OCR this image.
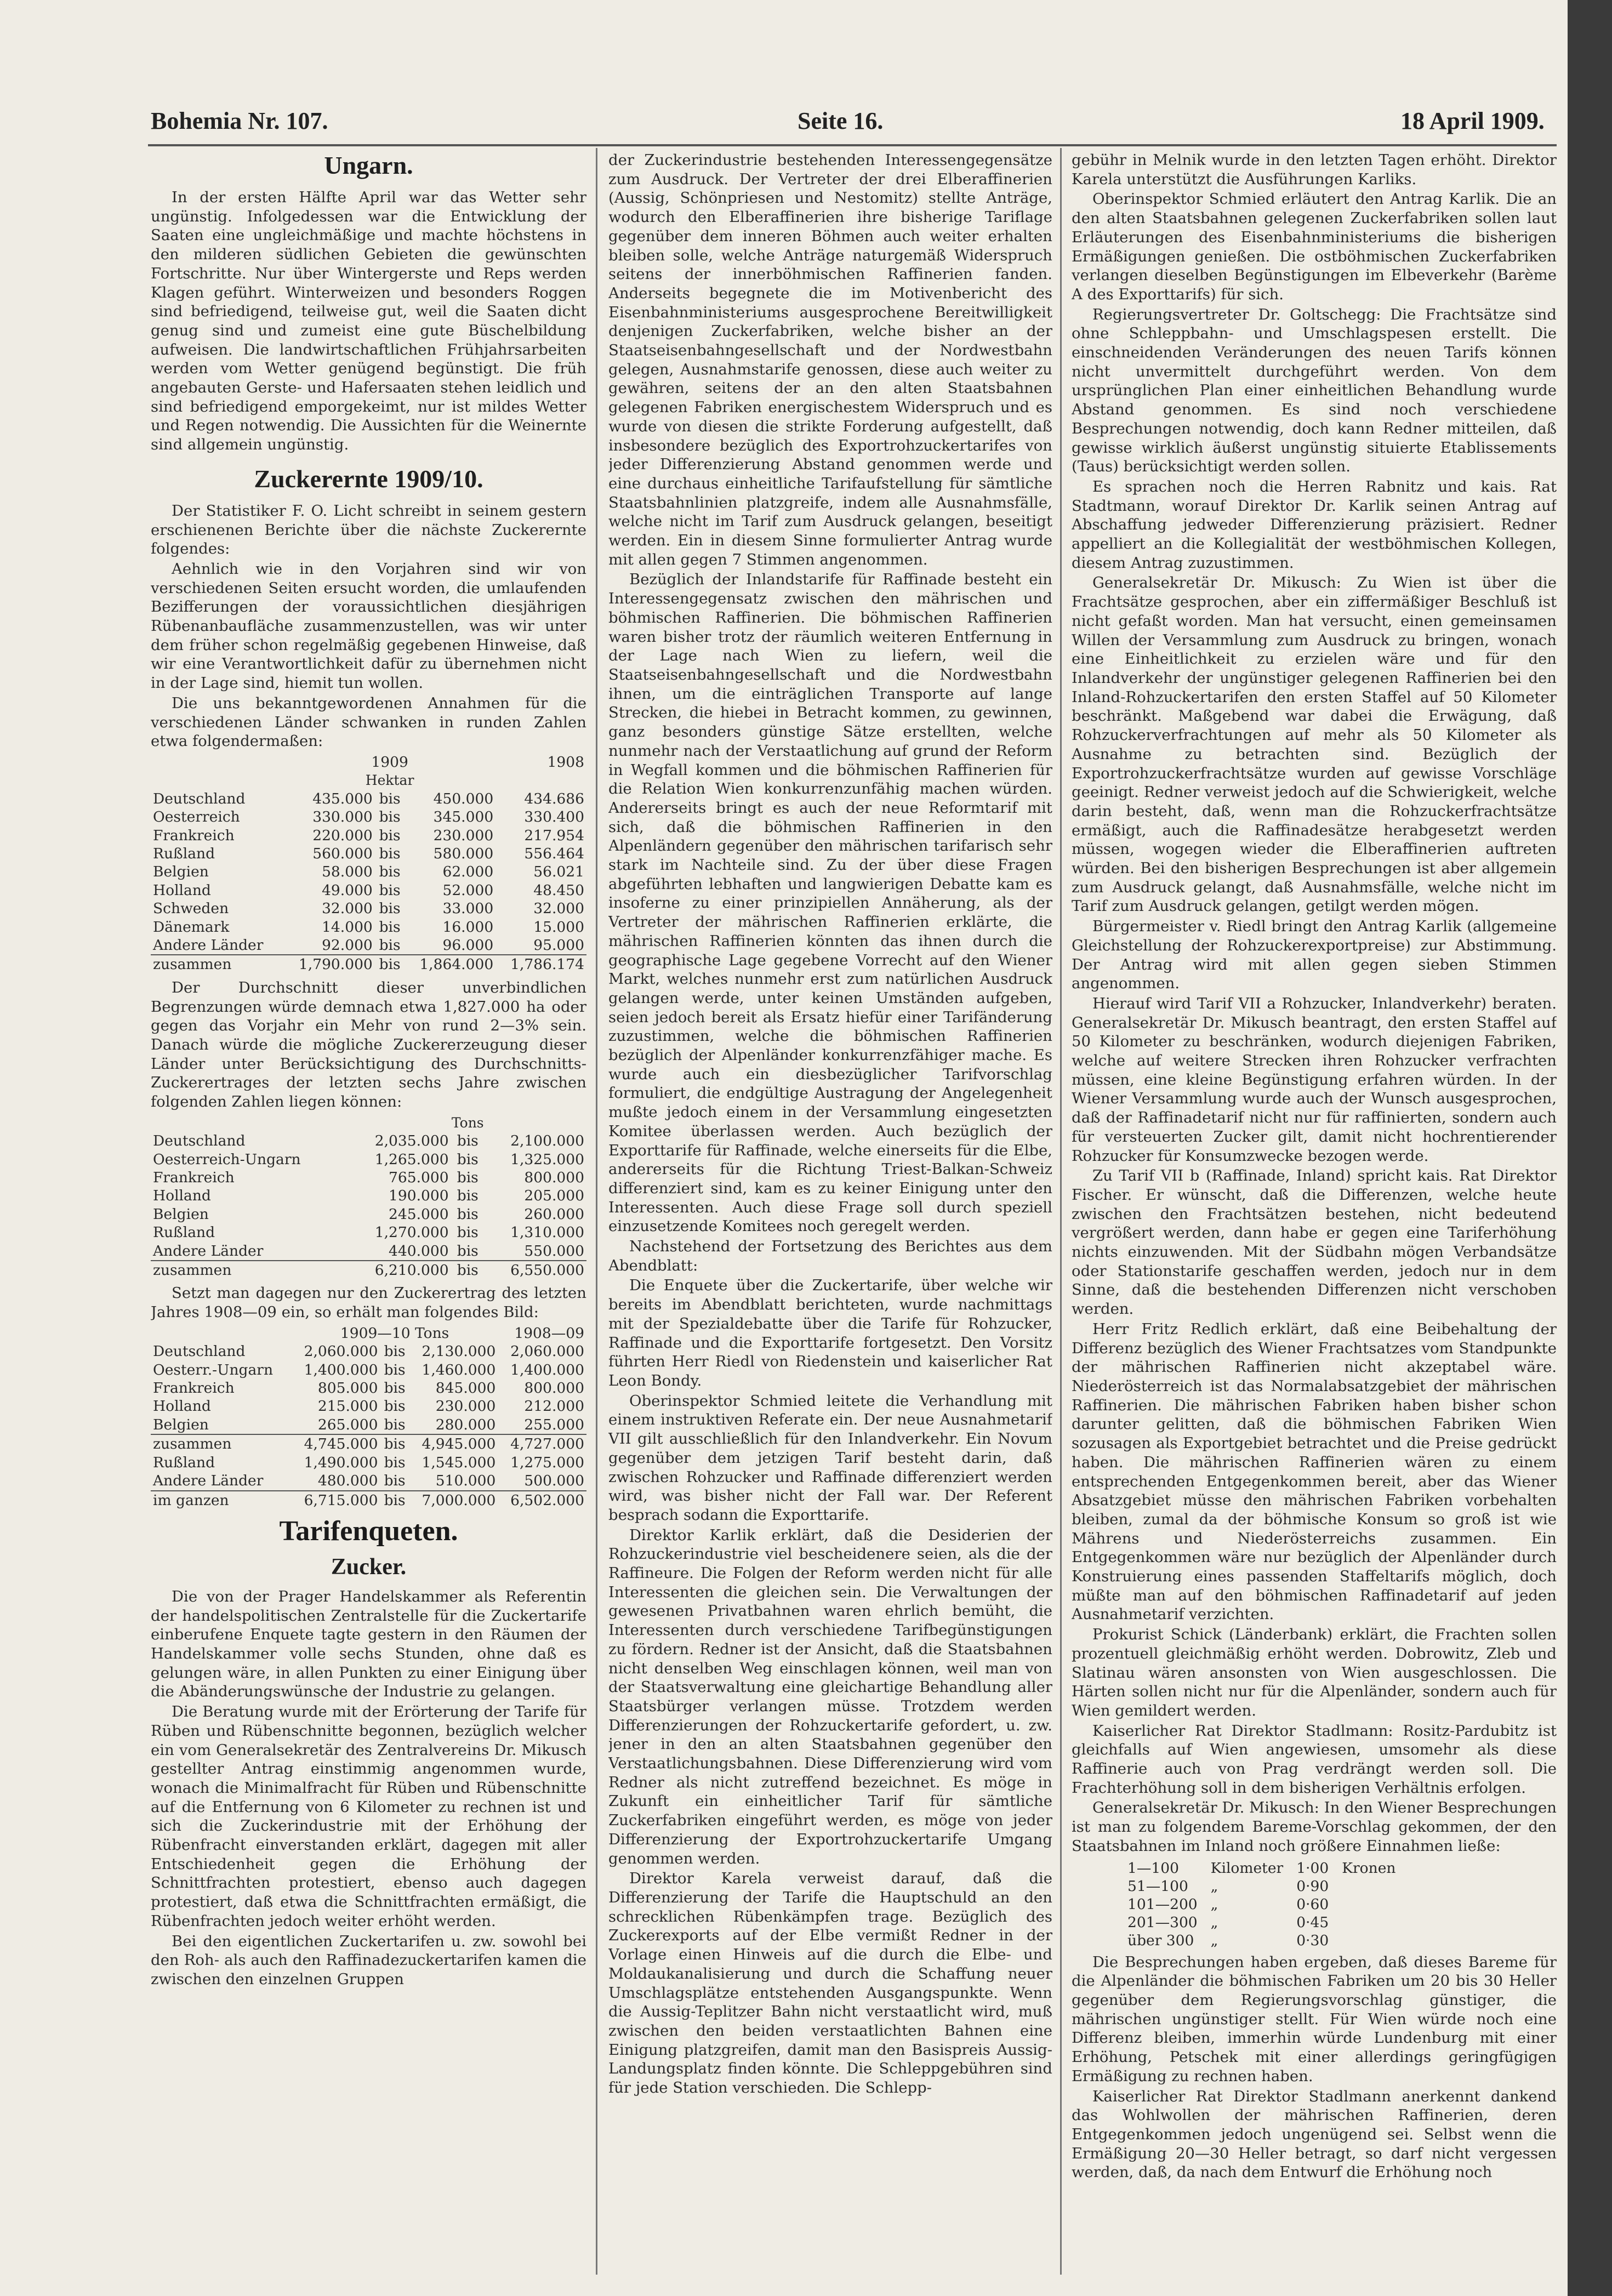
Bohemia Nr. 107.	Seite 16.	18 April 1909.
Ungarn.

In der ersten Hälfte April war das Wetter sehr ungünstig. Infolgedessen war die Entwicklung der Saaten eine ungleichmäßige und machte höchstens in den milderen südlichen Gebieten die gewünschten Fortschritte. Nur über Wintergerste und Reps werden Klagen geführt. Winterweizen und besonders Roggen sind befriedigend, teilweise gut, weil die Saaten dicht genug sind und zumeist eine gute Büschelbildung aufweisen. Die landwirtschaftlichen Frühjahrsarbeiten werden vom Wetter genügend begünstigt. Die früh angebauten Gerste- und Hafersaaten stehen leidlich und sind befriedigend emporgekeimt, nur ist mildes Wetter und Regen notwendig. Die Aussichten für die Weinernte sind allgemein ungünstig.

Zuckerernte 1909/10.

Der Statistiker F. O. Licht schreibt in seinem gestern erschienenen Berichte über die nächste Zuckerernte folgendes:

Aehnlich wie in den Vorjahren sind wir von verschiedenen Seiten ersucht worden, die umlaufenden Bezifferungen der voraussichtlichen diesjährigen Rübenanbaufläche zusammenzustellen, was wir unter dem früher schon regelmäßig gegebenen Hinweise, daß wir eine Verantwortlichkeit dafür zu übernehmen nicht in der Lage sind, hiemit tun wollen.

Die uns bekanntgewordenen Annahmen für die verschiedenen Länder schwanken in runden Zahlen etwa folgendermaßen:

	1909			1908
	Hektar			
Deutschland	435.000	bis	450.000	434.686
Oesterreich	330.000	bis	345.000	330.400
Frankreich	220.000	bis	230.000	217.954
Rußland	560.000	bis	580.000	556.464
Belgien	58.000	bis	62.000	56.021
Holland	49.000	bis	52.000	48.450
Schweden	32.000	bis	33.000	32.000
Dänemark	14.000	bis	16.000	15.000
Andere Länder	92.000	bis	96.000	95.000
zusammen	1,790.000	bis	1,864.000	1,786.174

Der Durchschnitt dieser unverbindlichen Begrenzungen würde demnach etwa 1,827.000 ha oder gegen das Vorjahr ein Mehr von rund 2—3% sein. Danach würde die mögliche Zuckererzeugung dieser Länder unter Berücksichtigung des Durchschnitts-Zuckerertrages der letzten sechs Jahre zwischen folgenden Zahlen liegen können:

	Tons		
Deutschland	2,035.000	bis	2,100.000
Oesterreich-Ungarn	1,265.000	bis	1,325.000
Frankreich	765.000	bis	800.000
Holland	190.000	bis	205.000
Belgien	245.000	bis	260.000
Rußland	1,270.000	bis	1,310.000
Andere Länder	440.000	bis	550.000
zusammen	6,210.000	bis	6,550.000

Setzt man dagegen nur den Zuckerertrag des letzten Jahres 1908—09 ein, so erhält man folgendes Bild:

	1909—10 Tons			1908—09
Deutschland	2,060.000	bis	2,130.000	2,060.000
Oesterr.-Ungarn	1,400.000	bis	1,460.000	1,400.000
Frankreich	805.000	bis	845.000	800.000
Holland	215.000	bis	230.000	212.000
Belgien	265.000	bis	280.000	255.000
zusammen	4,745.000	bis	4,945.000	4,727.000
Rußland	1,490.000	bis	1,545.000	1,275.000
Andere Länder	480.000	bis	510.000	500.000
im ganzen	6,715.000	bis	7,000.000	6,502.000
Tarifenqueten.
Zucker.

Die von der Prager Handelskammer als Referentin der handelspolitischen Zentralstelle für die Zuckertarife einberufene Enquete tagte gestern in den Räumen der Handelskammer volle sechs Stunden, ohne daß es gelungen wäre, in allen Punkten zu einer Einigung über die Abänderungswünsche der Industrie zu gelangen.

Die Beratung wurde mit der Erörterung der Tarife für Rüben und Rübenschnitte begonnen, bezüglich welcher ein vom Generalsekretär des Zentralvereins Dr. Mikusch gestellter Antrag einstimmig angenommen wurde, wonach die Minimalfracht für Rüben und Rübenschnitte auf die Entfernung von 6 Kilometer zu rechnen ist und sich die Zuckerindustrie mit der Erhöhung der Rübenfracht einverstanden erklärt, dagegen mit aller Entschiedenheit gegen die Erhöhung der Schnittfrachten protestiert, ebenso auch dagegen protestiert, daß etwa die Schnittfrachten ermäßigt, die Rübenfrachten jedoch weiter erhöht werden.

Bei den eigentlichen Zuckertarifen u. zw. sowohl bei den Roh- als auch den Raffinadezuckertarifen kamen die zwischen den einzelnen Gruppen

der Zuckerindustrie bestehenden Interessengegensätze zum Ausdruck. Der Vertreter der drei Elberaffinerien (Aussig, Schönpriesen und Nestomitz) stellte Anträge, wodurch den Elberaffinerien ihre bisherige Tariflage gegenüber dem inneren Böhmen auch weiter erhalten bleiben solle, welche Anträge naturgemäß Widerspruch seitens der innerböhmischen Raffinerien fanden. Anderseits begegnete die im Motivenbericht des Eisenbahnministeriums ausgesprochene Bereitwilligkeit denjenigen Zuckerfabriken, welche bisher an der Staatseisenbahngesellschaft und der Nordwestbahn gelegen, Ausnahmstarife genossen, diese auch weiter zu gewähren, seitens der an den alten Staatsbahnen gelegenen Fabriken energischestem Widerspruch und es wurde von diesen die strikte Forderung aufgestellt, daß insbesondere bezüglich des Exportrohzuckertarifes von jeder Differenzierung Abstand genommen werde und eine durchaus einheitliche Tarifaufstellung für sämtliche Staatsbahnlinien platzgreife, indem alle Ausnahmsfälle, welche nicht im Tarif zum Ausdruck gelangen, beseitigt werden. Ein in diesem Sinne formulierter Antrag wurde mit allen gegen 7 Stimmen angenommen.

Bezüglich der Inlandstarife für Raffinade besteht ein Interessengegensatz zwischen den mährischen und böhmischen Raffinerien. Die böhmischen Raffinerien waren bisher trotz der räumlich weiteren Entfernung in der Lage nach Wien zu liefern, weil die Staatseisenbahngesellschaft und die Nordwestbahn ihnen, um die einträglichen Transporte auf lange Strecken, die hiebei in Betracht kommen, zu gewinnen, ganz besonders günstige Sätze erstellten, welche nunmehr nach der Verstaatlichung auf grund der Reform in Wegfall kommen und die böhmischen Raffinerien für die Relation Wien konkurrenzunfähig machen würden. Andererseits bringt es auch der neue Reformtarif mit sich, daß die böhmischen Raffinerien in den Alpenländern gegenüber den mährischen tarifarisch sehr stark im Nachteile sind. Zu der über diese Fragen abgeführten lebhaften und langwierigen Debatte kam es insoferne zu einer prinzipiellen Annäherung, als der Vertreter der mährischen Raffinerien erklärte, die mährischen Raffinerien könnten das ihnen durch die geographische Lage gegebene Vorrecht auf den Wiener Markt, welches nunmehr erst zum natürlichen Ausdruck gelangen werde, unter keinen Umständen aufgeben, seien jedoch bereit als Ersatz hiefür einer Tarifänderung zuzustimmen, welche die böhmischen Raffinerien bezüglich der Alpenländer konkurrenzfähiger mache. Es wurde auch ein diesbezüglicher Tarifvorschlag formuliert, die endgültige Austragung der Angelegenheit mußte jedoch einem in der Versammlung eingesetzten Komitee überlassen werden. Auch bezüglich der Exporttarife für Raffinade, welche einerseits für die Elbe, andererseits für die Richtung Triest-Balkan-Schweiz differenziert sind, kam es zu keiner Einigung unter den Interessenten. Auch diese Frage soll durch speziell einzusetzende Komitees noch geregelt werden.

Nachstehend der Fortsetzung des Berichtes aus dem Abendblatt:

Die Enquete über die Zuckertarife, über welche wir bereits im Abendblatt berichteten, wurde nachmittags mit der Spezialdebatte über die Tarife für Rohzucker, Raffinade und die Exporttarife fortgesetzt. Den Vorsitz führten Herr Riedl von Riedenstein und kaiserlicher Rat Leon Bondy.

Oberinspektor Schmied leitete die Verhandlung mit einem instruktiven Referate ein. Der neue Ausnahmetarif VII gilt ausschließlich für den Inlandverkehr. Ein Novum gegenüber dem jetzigen Tarif besteht darin, daß zwischen Rohzucker und Raffinade differenziert werden wird, was bisher nicht der Fall war. Der Referent besprach sodann die Exporttarife.

Direktor Karlik erklärt, daß die Desiderien der Rohzuckerindustrie viel bescheidenere seien, als die der Raffineure. Die Folgen der Reform werden nicht für alle Interessenten die gleichen sein. Die Verwaltungen der gewesenen Privatbahnen waren ehrlich bemüht, die Interessenten durch verschiedene Tarifbegünstigungen zu fördern. Redner ist der Ansicht, daß die Staatsbahnen nicht denselben Weg einschlagen können, weil man von der Staatsverwaltung eine gleichartige Behandlung aller Staatsbürger verlangen müsse. Trotzdem werden Differenzierungen der Rohzuckertarife gefordert, u. zw. jener in den an alten Staatsbahnen gegenüber den Verstaatlichungsbahnen. Diese Differenzierung wird vom Redner als nicht zutreffend bezeichnet. Es möge in Zukunft ein einheitlicher Tarif für sämtliche Zuckerfabriken eingeführt werden, es möge von jeder Differenzierung der Exportrohzuckertarife Umgang genommen werden.

Direktor Karela verweist darauf, daß die Differenzierung der Tarife die Hauptschuld an den schrecklichen Rübenkämpfen trage. Bezüglich des Zuckerexports auf der Elbe vermißt Redner in der Vorlage einen Hinweis auf die durch die Elbe- und Moldaukanalisierung und durch die Schaffung neuer Umschlagsplätze entstehenden Ausgangspunkte. Wenn die Aussig-Teplitzer Bahn nicht verstaatlicht wird, muß zwischen den beiden verstaatlichten Bahnen eine Einigung platzgreifen, damit man den Basispreis Aussig-Landungsplatz finden könnte. Die Schleppgebühren sind für jede Station verschieden. Die Schlepp-

gebühr in Melnik wurde in den letzten Tagen erhöht. Direktor Karela unterstützt die Ausführungen Karliks.

Oberinspektor Schmied erläutert den Antrag Karlik. Die an den alten Staatsbahnen gelegenen Zuckerfabriken sollen laut Erläuterungen des Eisenbahnministeriums die bisherigen Ermäßigungen genießen. Die ostböhmischen Zuckerfabriken verlangen dieselben Begünstigungen im Elbeverkehr (Barème A des Exporttarifs) für sich.

Regierungsvertreter Dr. Goltschegg: Die Frachtsätze sind ohne Schleppbahn- und Umschlagspesen erstellt. Die einschneidenden Veränderungen des neuen Tarifs können nicht unvermittelt durchgeführt werden. Von dem ursprünglichen Plan einer einheitlichen Behandlung wurde Abstand genommen. Es sind noch verschiedene Besprechungen notwendig, doch kann Redner mitteilen, daß gewisse wirklich äußerst ungünstig situierte Etablissements (Taus) berücksichtigt werden sollen.

Es sprachen noch die Herren Rabnitz und kais. Rat Stadtmann, worauf Direktor Dr. Karlik seinen Antrag auf Abschaffung jedweder Differenzierung präzisiert. Redner appelliert an die Kollegialität der westböhmischen Kollegen, diesem Antrag zuzustimmen.

Generalsekretär Dr. Mikusch: Zu Wien ist über die Frachtsätze gesprochen, aber ein ziffermäßiger Beschluß ist nicht gefaßt worden. Man hat versucht, einen gemeinsamen Willen der Versammlung zum Ausdruck zu bringen, wonach eine Einheitlichkeit zu erzielen wäre und für den Inlandverkehr der ungünstiger gelegenen Raffinerien bei den Inland-Rohzuckertarifen den ersten Staffel auf 50 Kilometer beschränkt. Maßgebend war dabei die Erwägung, daß Rohzuckerverfrachtungen auf mehr als 50 Kilometer als Ausnahme zu betrachten sind. Bezüglich der Exportrohzuckerfrachtsätze wurden auf gewisse Vorschläge geeinigt. Redner verweist jedoch auf die Schwierigkeit, welche darin besteht, daß, wenn man die Rohzuckerfrachtsätze ermäßigt, auch die Raffinadesätze herabgesetzt werden müssen, wogegen wieder die Elberaffinerien auftreten würden. Bei den bisherigen Besprechungen ist aber allgemein zum Ausdruck gelangt, daß Ausnahmsfälle, welche nicht im Tarif zum Ausdruck gelangen, getilgt werden mögen.

Bürgermeister v. Riedl bringt den Antrag Karlik (allgemeine Gleichstellung der Rohzuckerexportpreise) zur Abstimmung. Der Antrag wird mit allen gegen sieben Stimmen angenommen.

Hierauf wird Tarif VII a Rohzucker, Inlandverkehr) beraten. Generalsekretär Dr. Mikusch beantragt, den ersten Staffel auf 50 Kilometer zu beschränken, wodurch diejenigen Fabriken, welche auf weitere Strecken ihren Rohzucker verfrachten müssen, eine kleine Begünstigung erfahren würden. In der Wiener Versammlung wurde auch der Wunsch ausgesprochen, daß der Raffinadetarif nicht nur für raffinierten, sondern auch für versteuerten Zucker gilt, damit nicht hochrentierender Rohzucker für Konsumzwecke bezogen werde.

Zu Tarif VII b (Raffinade, Inland) spricht kais. Rat Direktor Fischer. Er wünscht, daß die Differenzen, welche heute zwischen den Frachtsätzen bestehen, nicht bedeutend vergrößert werden, dann habe er gegen eine Tariferhöhung nichts einzuwenden. Mit der Südbahn mögen Verbandsätze oder Stationstarife geschaffen werden, jedoch nur in dem Sinne, daß die bestehenden Differenzen nicht verschoben werden.

Herr Fritz Redlich erklärt, daß eine Beibehaltung der Differenz bezüglich des Wiener Frachtsatzes vom Standpunkte der mährischen Raffinerien nicht akzeptabel wäre. Niederösterreich ist das Normalabsatzgebiet der mährischen Raffinerien. Die mährischen Fabriken haben bisher schon darunter gelitten, daß die böhmischen Fabriken Wien sozusagen als Exportgebiet betrachtet und die Preise gedrückt haben. Die mährischen Raffinerien wären zu einem entsprechenden Entgegenkommen bereit, aber das Wiener Absatzgebiet müsse den mährischen Fabriken vorbehalten bleiben, zumal da der böhmische Konsum so groß ist wie Mährens und Niederösterreichs zusammen. Ein Entgegenkommen wäre nur bezüglich der Alpenländer durch Konstruierung eines passenden Staffeltarifs möglich, doch müßte man auf den böhmischen Raffinadetarif auf jeden Ausnahmetarif verzichten.

Prokurist Schick (Länderbank) erklärt, die Frachten sollen prozentuell gleichmäßig erhöht werden. Dobrowitz, Zleb und Slatinau wären ansonsten von Wien ausgeschlossen. Die Härten sollen nicht nur für die Alpenländer, sondern auch für Wien gemildert werden.

Kaiserlicher Rat Direktor Stadlmann: Rositz-Pardubitz ist gleichfalls auf Wien angewiesen, umsomehr als diese Raffinerie auch von Prag verdrängt werden soll. Die Frachterhöhung soll in dem bisherigen Verhältnis erfolgen.

Generalsekretär Dr. Mikusch: In den Wiener Besprechungen ist man zu folgendem Bareme-Vorschlag gekommen, der den Staatsbahnen im Inland noch größere Einnahmen ließe:

1—100	Kilometer	1·00	Kronen
51—100	„	0·90	
101—200	„	0·60	
201—300	„	0·45	
über 300	„	0·30	

Die Besprechungen haben ergeben, daß dieses Bareme für die Alpenländer die böhmischen Fabriken um 20 bis 30 Heller gegenüber dem Regierungsvorschlag günstiger, die mährischen ungünstiger stellt. Für Wien würde noch eine Differenz bleiben, immerhin würde Lundenburg mit einer Erhöhung, Petschek mit einer allerdings geringfügigen Ermäßigung zu rechnen haben.

Kaiserlicher Rat Direktor Stadlmann anerkennt dankend das Wohlwollen der mährischen Raffinerien, deren Entgegenkommen jedoch ungenügend sei. Selbst wenn die Ermäßigung 20—30 Heller betragt, so darf nicht vergessen werden, daß, da nach dem Entwurf die Erhöhung noch
